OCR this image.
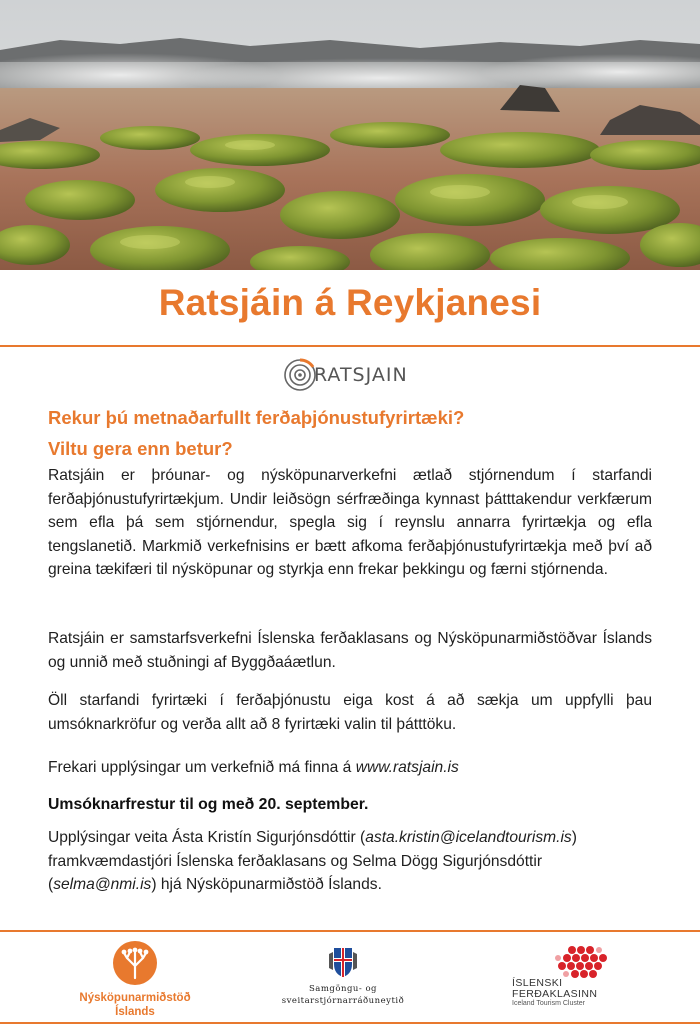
Ratsjáin á Reykjanesi
RATSJAIN
Rekur þú metnaðarfullt ferðaþjónustufyrirtæki?
Viltu gera enn betur?
Ratsjáin er þróunar- og nýsköpunarverkefni ætlað stjórnendum í starfandi ferðaþjónustufyrirtækjum. Undir leiðsögn sérfræðinga kynnast þátttakendur verkfærum sem efla þá sem stjórnendur, spegla sig í reynslu annarra fyrirtækja og efla tengslanetið. Markmið verkefnisins er bætt afkoma ferðaþjónustufyrirtækja með því að greina tækifæri til nýsköpunar og styrkja enn frekar þekkingu og færni stjórnenda.
Ratsjáin er samstarfsverkefni Íslenska ferðaklasans og Nýsköpunarmiðstöðvar Íslands og unnið með stuðningi af Byggðaáætlun.
Öll starfandi fyrirtæki í ferðaþjónustu eiga kost á að sækja um uppfylli þau umsóknarkröfur og verða allt að 8 fyrirtæki valin til þátttöku.
Frekari upplýsingar um verkefnið má finna á www.ratsjain.is
Umsóknarfrestur til og með 20. september.
Upplýsingar veita Ásta Kristín Sigurjónsdóttir (asta.kristin@icelandtourism.is) framkvæmdastjóri Íslenska ferðaklasans og Selma Dögg Sigurjónsdóttir (selma@nmi.is) hjá Nýsköpunarmiðstöð Íslands.
Nýsköpunarmiðstöð
Íslands
Samgöngu- og
sveitarstjórnarráðuneytið
ÍSLENSKI
FERÐAKLASINN
Iceland Tourism Cluster
